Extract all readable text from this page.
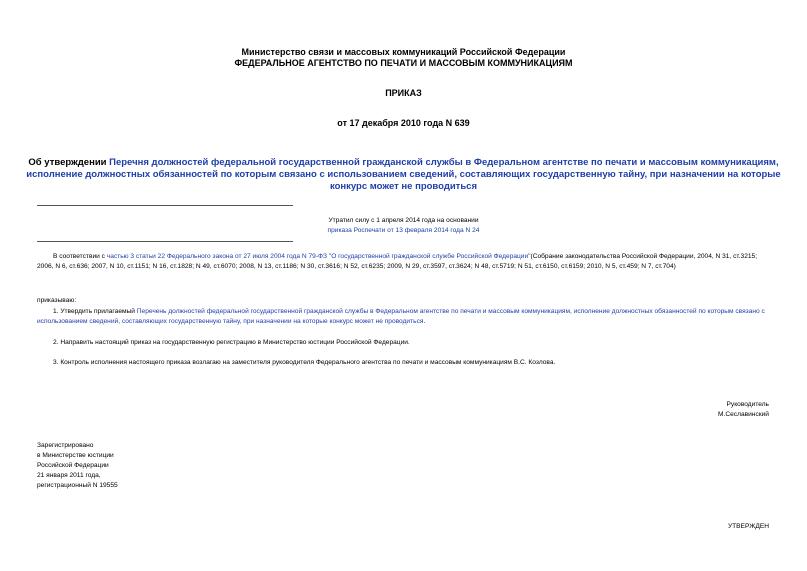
Министерство связи и массовых коммуникаций Российской Федерации
ФЕДЕРАЛЬНОЕ АГЕНТСТВО ПО ПЕЧАТИ И МАССОВЫМ КОММУНИКАЦИЯМ
ПРИКАЗ
от 17 декабря 2010 года N 639
Об утверждении Перечня должностей федеральной государственной гражданской службы в Федеральном агентстве по печати и массовым коммуникациям,
исполнение должностных обязанностей по которым связано с использованием сведений, составляющих государственную тайну, при назначении на которые
конкурс может не проводиться
Утратил силу с 1 апреля 2014 года на основании
приказа Роспечати от 13 февраля 2014 года N 24
В соответствии с частью 3 статьи 22 Федерального закона от 27 июля 2004 года N 79-ФЗ "О государственной гражданской службе Российской Федерации"(Собрание законодательства Российской Федерации, 2004, N 31, ст.3215; 2006, N 6, ст.636; 2007, N 10, ст.1151; N 16, ст.1828; N 49, ст.6070; 2008, N 13, ст.1186; N 30, ст.3616; N 52, ст.6235; 2009, N 29, ст.3597, ст.3624; N 48, ст.5719; N 51, ст.6150, ст.6159; 2010, N 5, ст.459; N 7, ст.704)
приказываю:
1. Утвердить прилагаемый Перечень должностей федеральной государственной гражданской службы в Федеральном агентстве по печати и массовым коммуникациям, исполнение должностных обязанностей по которым связано с использованием сведений, составляющих государственную тайну, при назначении на которые конкурс может не проводиться.
2. Направить настоящий приказ на государственную регистрацию в Министерство юстиции Российской Федерации.
3. Контроль исполнения настоящего приказа возлагаю на заместителя руководителя Федерального агентства по печати и массовым коммуникациям В.С. Козлова.
Руководитель
М.Сеславинский
Зарегистрировано
в Министерстве юстиции
Российской Федерации
21 января 2011 года,
регистрационный N 19555
УТВЕРЖДЕН
